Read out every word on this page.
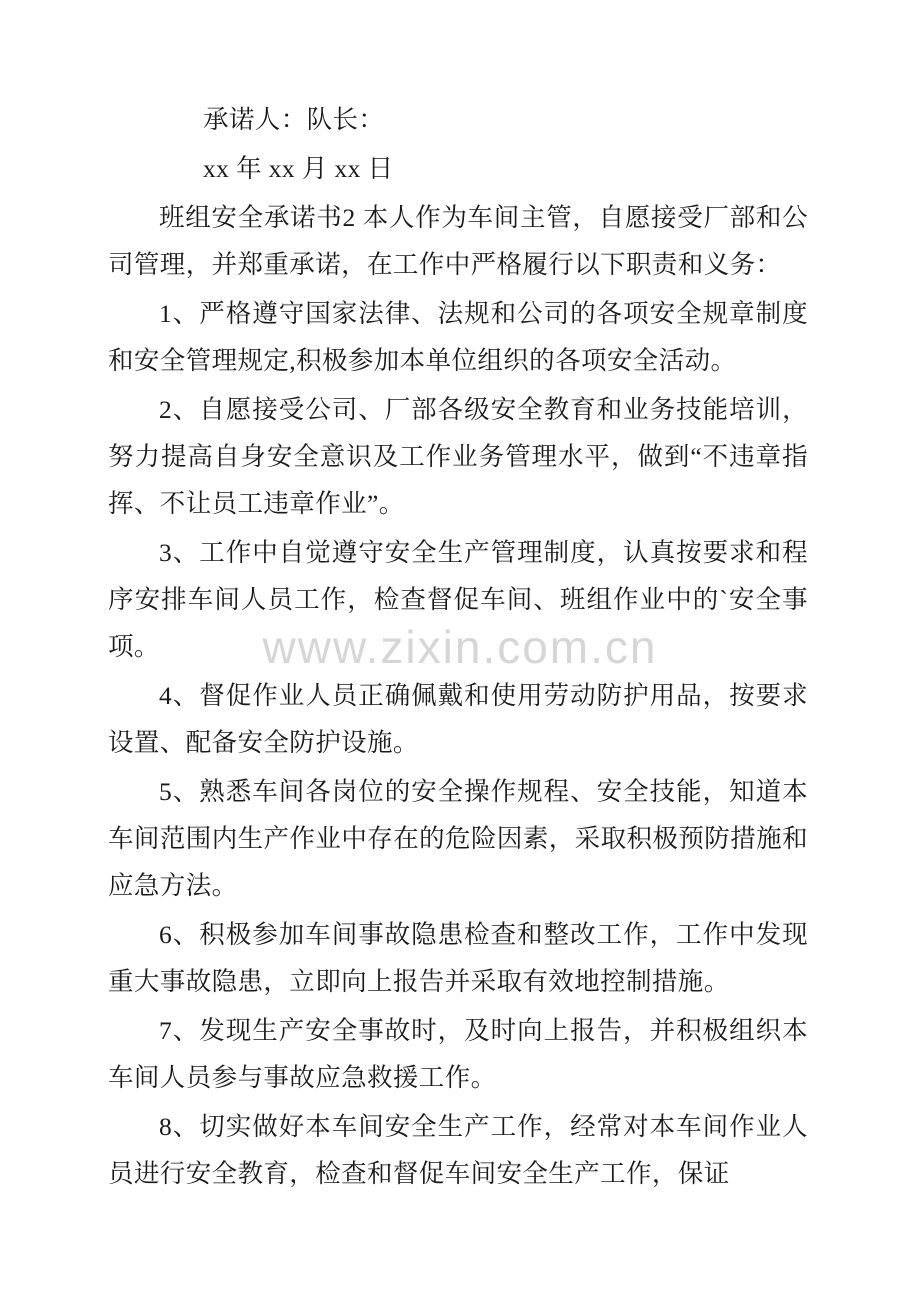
承诺人：队长：

xx 年 xx 月 xx 日

班组安全承诺书2 本人作为车间主管，自愿接受厂部和公司管理，并郑重承诺，在工作中严格履行以下职责和义务：

1、严格遵守国家法律、法规和公司的各项安全规章制度和安全管理规定,积极参加本单位组织的各项安全活动。

2、自愿接受公司、厂部各级安全教育和业务技能培训，努力提高自身安全意识及工作业务管理水平，做到“不违章指挥、不让员工违章作业”。

3、工作中自觉遵守安全生产管理制度，认真按要求和程序安排车间人员工作，检查督促车间、班组作业中的`安全事项。

4、督促作业人员正确佩戴和使用劳动防护用品，按要求设置、配备安全防护设施。

5、熟悉车间各岗位的安全操作规程、安全技能，知道本车间范围内生产作业中存在的危险因素，采取积极预防措施和应急方法。

6、积极参加车间事故隐患检查和整改工作，工作中发现重大事故隐患，立即向上报告并采取有效地控制措施。

7、发现生产安全事故时，及时向上报告，并积极组织本车间人员参与事故应急救援工作。

8、切实做好本车间安全生产工作，经常对本车间作业人员进行安全教育，检查和督促车间安全生产工作，保证

www.zixin.com.cn
